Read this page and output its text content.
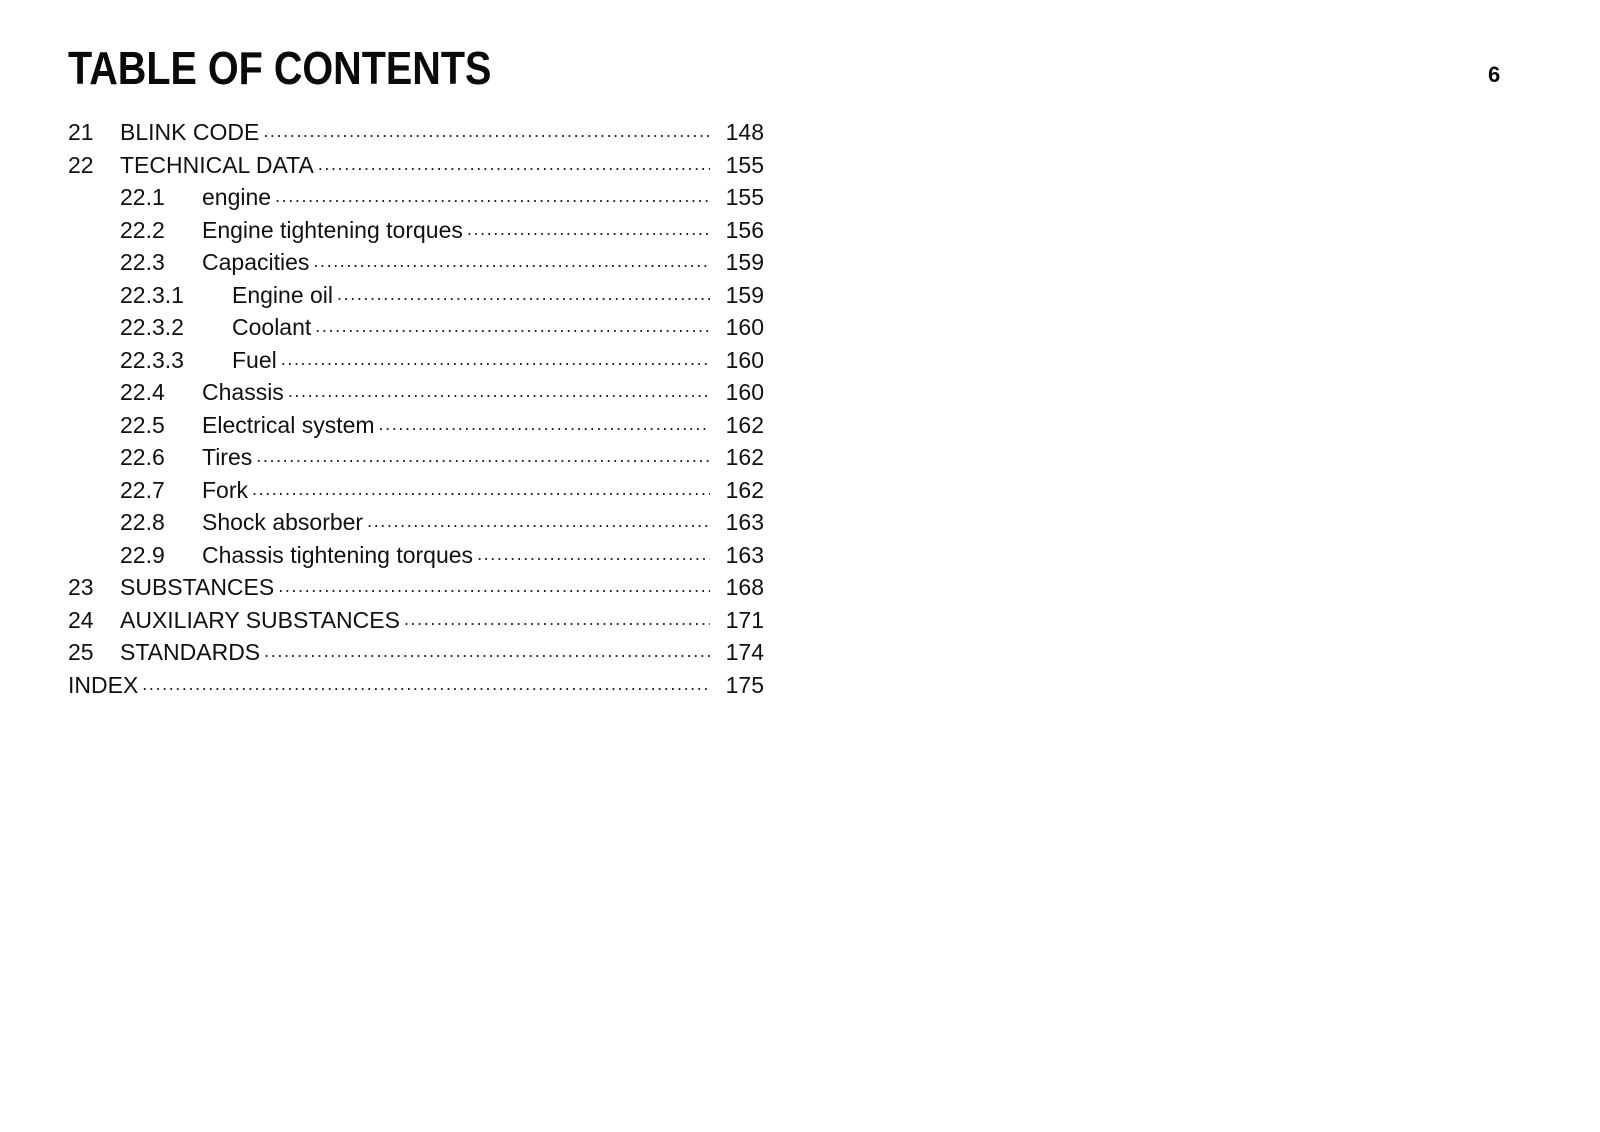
TABLE OF CONTENTS	6
21	BLINK CODE .....	148
22	TECHNICAL DATA .....	155
22.1	engine .....	155
22.2	Engine tightening torques .....	156
22.3	Capacities .....	159
22.3.1	Engine oil .....	159
22.3.2	Coolant .....	160
22.3.3	Fuel .....	160
22.4	Chassis .....	160
22.5	Electrical system .....	162
22.6	Tires .....	162
22.7	Fork .....	162
22.8	Shock absorber .....	163
22.9	Chassis tightening torques .....	163
23	SUBSTANCES .....	168
24	AUXILIARY SUBSTANCES .....	171
25	STANDARDS .....	174
INDEX .....	175
